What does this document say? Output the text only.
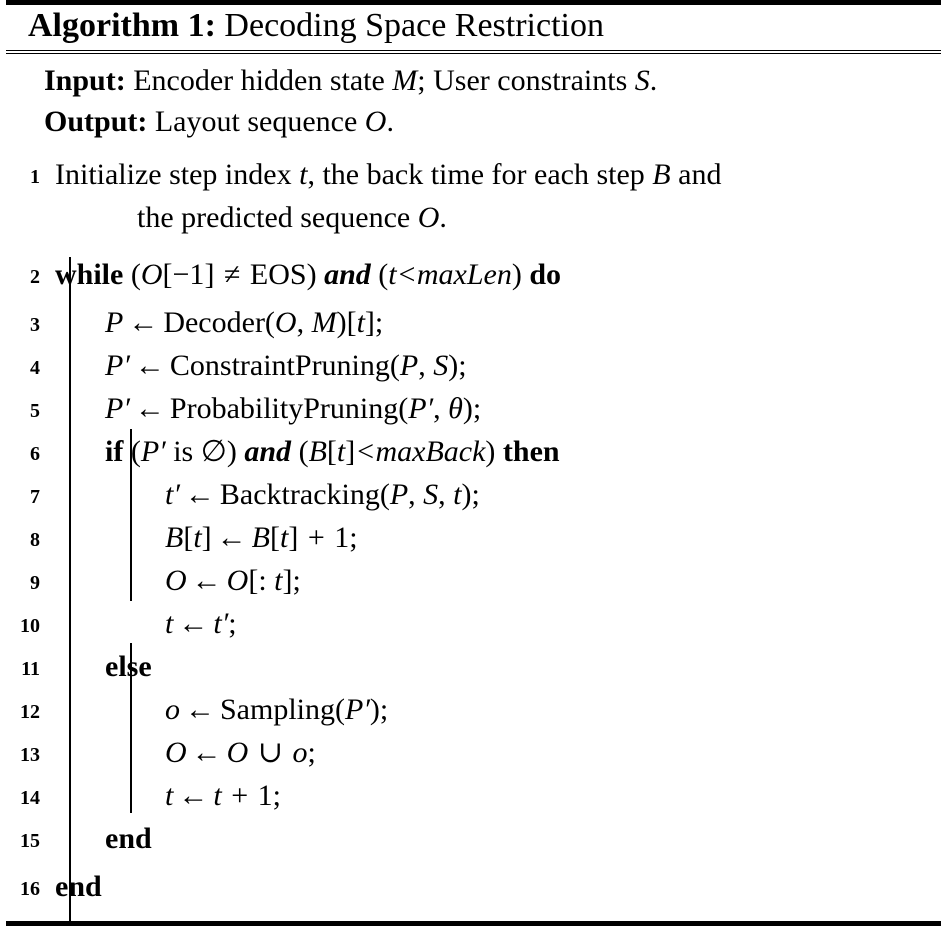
Algorithm 1: Decoding Space Restriction
Input: Encoder hidden state M; User constraints S.
Output: Layout sequence O.
1 Initialize step index t, the back time for each step B and
the predicted sequence O.
2 while (O[−1] ≠ EOS) and (t<maxLen) do
3 P ← Decoder(O, M)[t];
4 P′ ← ConstraintPruning(P, S);
5 P′ ← ProbabilityPruning(P′, θ);
6 if (P′ is ∅) and (B[t]<maxBack) then
7	t′ ← Backtracking(P, S, t);
8	B[t] ← B[t] + 1;
9	O ← O[: t];
10	t ← t′;
11 else
12	o ← Sampling(P′);
13	O ← O ∪ o;
14	t ← t + 1;
15 end
16 end
